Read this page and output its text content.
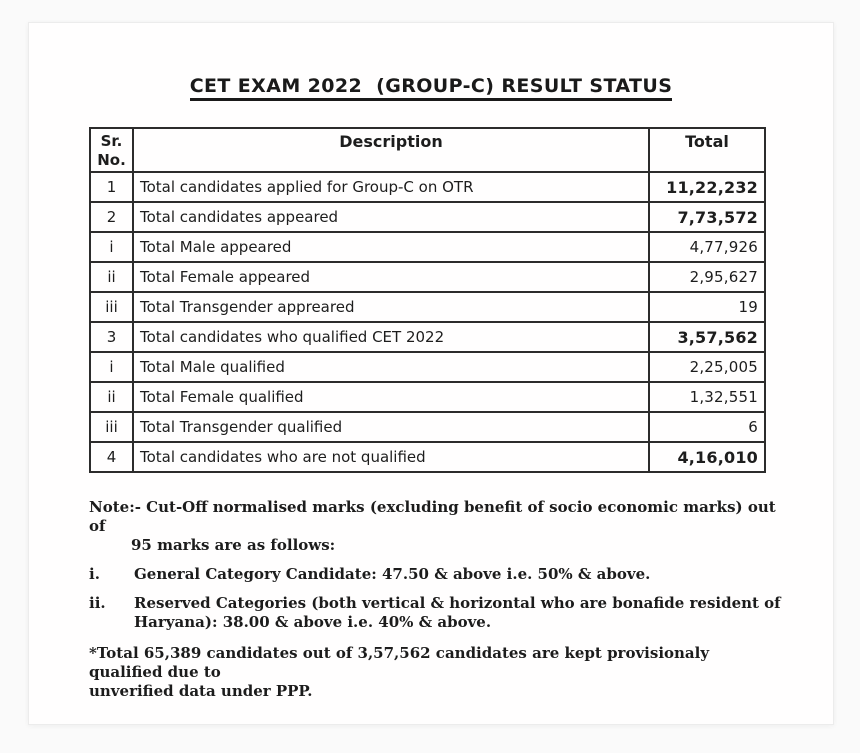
CET EXAM 2022  (GROUP-C) RESULT STATUS
Sr.
No.	Description	Total
1	Total candidates applied for Group-C on OTR	11,22,232
2	Total candidates appeared	7,73,572
i	Total Male appeared	4,77,926
ii	Total Female appeared	2,95,627
iii	Total Transgender appreared	19
3	Total candidates who qualified CET 2022	3,57,562
i	Total Male qualified	2,25,005
ii	Total Female qualified	1,32,551
iii	Total Transgender qualified	6
4	Total candidates who are not qualified	4,16,010

Note:- Cut-Off normalised marks (excluding benefit of socio economic marks) out of
95 marks are as follows:

i.	General Category Candidate: 47.50 & above i.e. 50% & above.
ii.	Reserved Categories (both vertical & horizontal who are bonafide resident of
Haryana): 38.00 & above i.e. 40% & above.

*Total 65,389 candidates out of 3,57,562 candidates are kept provisionaly qualified due to
unverified data under PPP.
